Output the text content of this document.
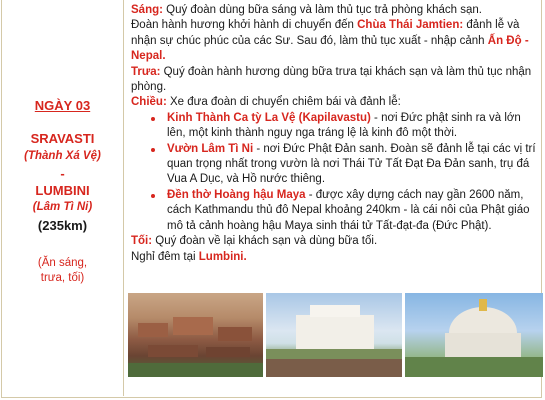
NGÀY 03
SRAVASTI
(Thành Xá Vệ)
-
LUMBINI
(Lâm Tì Ni)
(235km)
(Ăn sáng,
trưa, tối)

Sáng: Quý đoàn dùng bữa sáng và làm thủ tục trả phòng khách sạn.

Đoàn hành hương khởi hành di chuyển đến Chùa Thái Jamtien: đảnh lễ và nhận sự chúc phúc của các Sư. Sau đó, làm thủ tục xuất - nhập cảnh Ấn Độ - Nepal.

Trưa: Quý đoàn hành hương dùng bữa trưa tại khách sạn và làm thủ tục nhận phòng.

Chiều: Xe đưa đoàn di chuyển chiêm bái và đảnh lễ:

Kinh Thành Ca tỳ La Vệ (Kapilavastu) - nơi Đức phật sinh ra và lớn lên, một kinh thành nguy nga tráng lệ là kinh đô một thời.
Vườn Lâm Tì Ni - nơi Đức Phật Đản sanh. Đoàn sẽ đảnh lễ tại các vị trí quan trọng nhất trong vườn là nơi Thái Tử Tất Đạt Đa Đản sanh, trụ đá Vua A Dục, và Hồ nước thiêng.
Đền thờ Hoàng hậu Maya - được xây dựng cách nay gần 2600 năm, cách Kathmandu thủ đô Nepal khoảng 240km - là cái nôi của Phật giáo mô tả cảnh hoàng hậu Maya sinh thái tử Tất-đạt-đa (Đức Phật).

Tối: Quý đoàn về lại khách sạn và dùng bữa tối.

Nghỉ đêm tại Lumbini.
